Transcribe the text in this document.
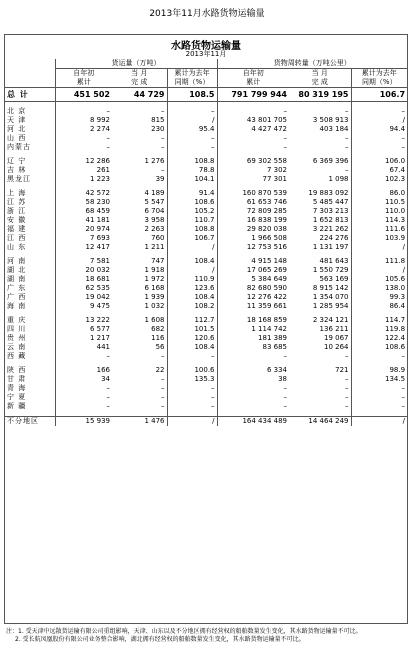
2013年11月水路货物运输量
水路货物运输量
2013年11月
	货运量（万吨）			货物周转量（万吨公里）		
	自年初	当 月	累计为去年	自年初	当 月	累计为去年
	累计	完 成	同期（%）	累计	完 成	同期（%）
总 计	451 502	44 729	108.5	791 799 944	80 319 195	106.7

北 京	–	–	–	–	–	–
天 津	8 992	815	/	43 801 705	3 508 913	/
河 北	2 274	230	95.4	4 427 472	403 184	94.4
山 西	–	–	–	–	–	–
内蒙古	–	–	–	–	–	–

辽 宁	12 286	1 276	108.8	69 302 558	6 369 396	106.0
吉 林	261	–	78.8	7 302	–	67.4
黑龙江	1 223	39	104.1	77 301	1 098	102.3

上 海	42 572	4 189	91.4	160 870 539	19 883 092	86.0
江 苏	58 230	5 547	108.6	61 653 746	5 485 447	110.5
浙 江	68 459	6 704	105.2	72 809 285	7 303 213	110.0
安 徽	41 181	3 958	110.7	16 838 199	1 652 813	114.3
福 建	20 974	2 263	108.8	29 820 038	3 221 262	111.6
江 西	7 693	760	106.7	1 966 508	224 276	103.9
山 东	12 417	1 211	/	12 753 516	1 131 197	/

河 南	7 581	747	108.4	4 915 148	481 643	111.8
湖 北	20 032	1 918	/	17 065 269	1 550 729	/
湖 南	18 681	1 972	110.9	5 384 649	563 169	105.6
广 东	62 535	6 168	123.6	82 680 590	8 915 142	138.0
广 西	19 042	1 939	108.4	12 276 422	1 354 070	99.3
海 南	9 475	1 032	108.2	11 359 661	1 285 954	86.4

重 庆	13 222	1 608	112.7	18 168 859	2 324 121	114.7
四 川	6 577	682	101.5	1 114 742	136 211	119.8
贵 州	1 217	116	120.6	181 389	19 067	122.4
云 南	441	56	108.4	83 685	10 264	108.6
西 藏	–	–	–	–	–	–

陕 西	166	22	100.6	6 334	721	98.9
甘 肃	34	–	135.3	38	–	134.5
青 海	–	–	–	–	–	–
宁 夏	–	–	–	–	–	–
新 疆	–	–	–	–	–	–

不分地区	15 939	1 476	/	164 434 489	14 464 249	/
注：1. 受天津中远散货运输有限公司重组影响，天津、山东以及不分地区拥有经营权的船舶数量发生变化，其水路货物运输量不可比。
2. 受长航凤凰股份有限公司业务整合影响，湖北拥有经营权的船舶数量发生变化，其水路货物运输量不可比。
